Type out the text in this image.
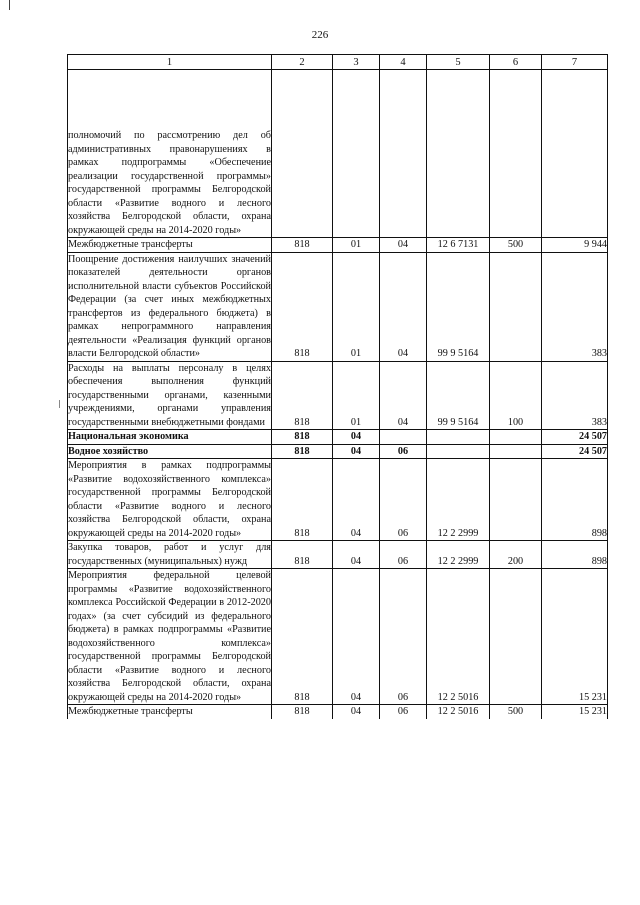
226
1	2	3	4	5	6	7
полномочий по рассмотрению дел об административных правонарушениях в рамках подпрограммы «Обеспечение реализации государственной программы» государственной программы Белгородской области «Развитие водного и лесного хозяйства Белгородской области, охрана окружающей среды на 2014-2020 годы»						
Межбюджетные трансферты	818	01	04	12 6 7131	500	9 944
Поощрение достижения наилучших значений показателей деятельности органов исполнительной власти субъектов Российской Федерации (за счет иных межбюджетных трансфертов из федерального бюджета) в рамках непрограммного направления деятельности «Реализация функций органов власти Белгородской области»	818	01	04	99 9 5164		383
Расходы на выплаты персоналу в целях обеспечения выполнения функций государственными органами, казенными учреждениями, органами управления государственными внебюджетными фондами	818	01	04	99 9 5164	100	383
Национальная экономика	818	04				24 507
Водное хозяйство	818	04	06			24 507
Мероприятия в рамках подпрограммы «Развитие водохозяйственного комплекса» государственной программы Белгородской области «Развитие водного и лесного хозяйства Белгородской области, охрана окружающей среды на 2014-2020 годы»	818	04	06	12 2 2999		898
Закупка товаров, работ и услуг для государственных (муниципальных) нужд	818	04	06	12 2 2999	200	898
Мероприятия федеральной целевой программы «Развитие водохозяйственного комплекса Российской Федерации в 2012-2020 годах» (за счет субсидий из федерального бюджета) в рамках подпрограммы «Развитие водохозяйственного комплекса» государственной программы Белгородской области «Развитие водного и лесного хозяйства Белгородской области, охрана окружающей среды на 2014-2020 годы»	818	04	06	12 2 5016		15 231
Межбюджетные трансферты	818	04	06	12 2 5016	500	15 231
